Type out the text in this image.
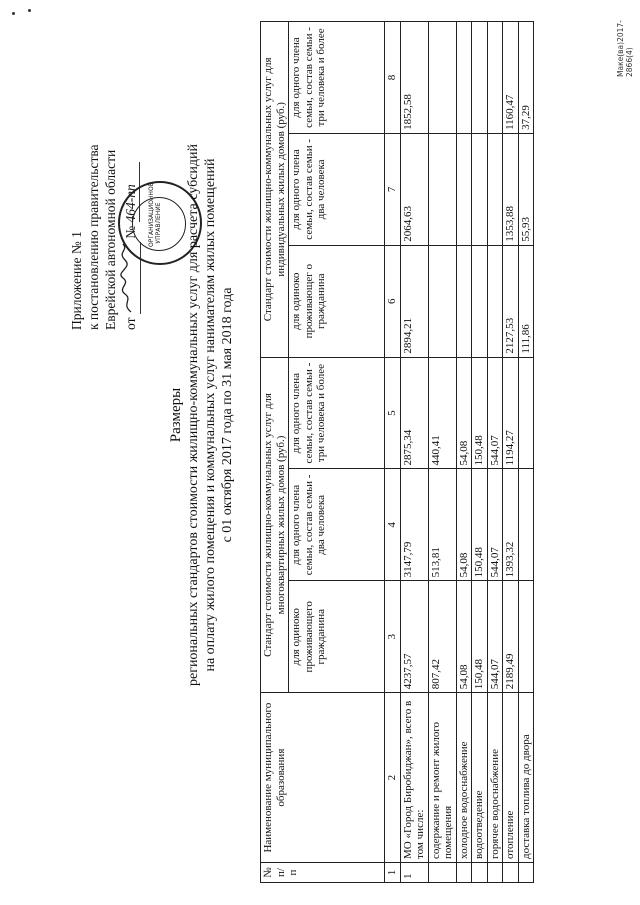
Приложение № 1 к постановлению правительства Еврейской автономной области от  № 464-пп	ОРГАНИЗАЦИОННОЕ УПРАВЛЕНИЕ
Размеры региональных стандартов стоимости жилищно-коммунальных услуг для расчета субсидий на оплату жилого помещения и коммунальных услуг нанимателям жилых помещений с 01 октября 2017 года по 31 мая 2018 года
№ п/п	Наименование муниципального образования	Стандарт стоимости жилищно-коммунальных услуг для многоквартирных жилых домов (руб.)			Стандарт стоимости жилищно-коммунальных услуг для индивидуальных жилых домов (руб.)		
		для одиноко проживающего гражданина	для одного члена семьи, состав семьи - два человека	для одного члена семьи, состав семьи - три человека и более	для одиноко проживающег о гражданина	для одного члена семьи, состав семьи - два человека	для одного члена семьи, состав семьи - три человека и более
1	2	3	4	5	6	7	8
1	МО «Город Биробиджан», всего в том числе:	4237,57	3147,79	2875,34	2894,21	2064,63	1852,58
	содержание и ремонт жилого помещения	807,42	513,81	440,41			
	холодное водоснабжение	54,08	54,08	54,08			
	водоотведение	150,48	150,48	150,48			
	горячее водоснабжение	544,07	544,07	544,07			
	отопление	2189,49	1393,32	1194,27	2127,53	1353,88	1160,47
	доставка топлива до двора				111,86	55,93	37,29
Маке(ва)2017-2866(4)
